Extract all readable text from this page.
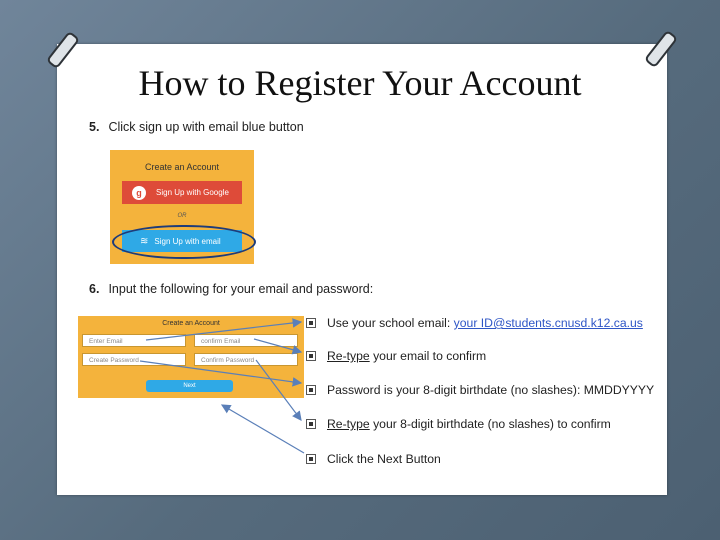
How to Register Your Account
5. Click sign up with email blue button
Create an Account
g	Sign Up with Google
OR
≋ Sign Up with email
6. Input the following for your email and password:
Create an Account
Enter Email	confirm Email
Create Password	Confirm Password
Next
Use your school email: your ID@students.cnusd.k12.ca.us
Re-type your email to confirm
Password is your 8-digit birthdate (no slashes): MMDDYYYY
Re-type your 8-digit birthdate (no slashes) to confirm
Click the Next Button
